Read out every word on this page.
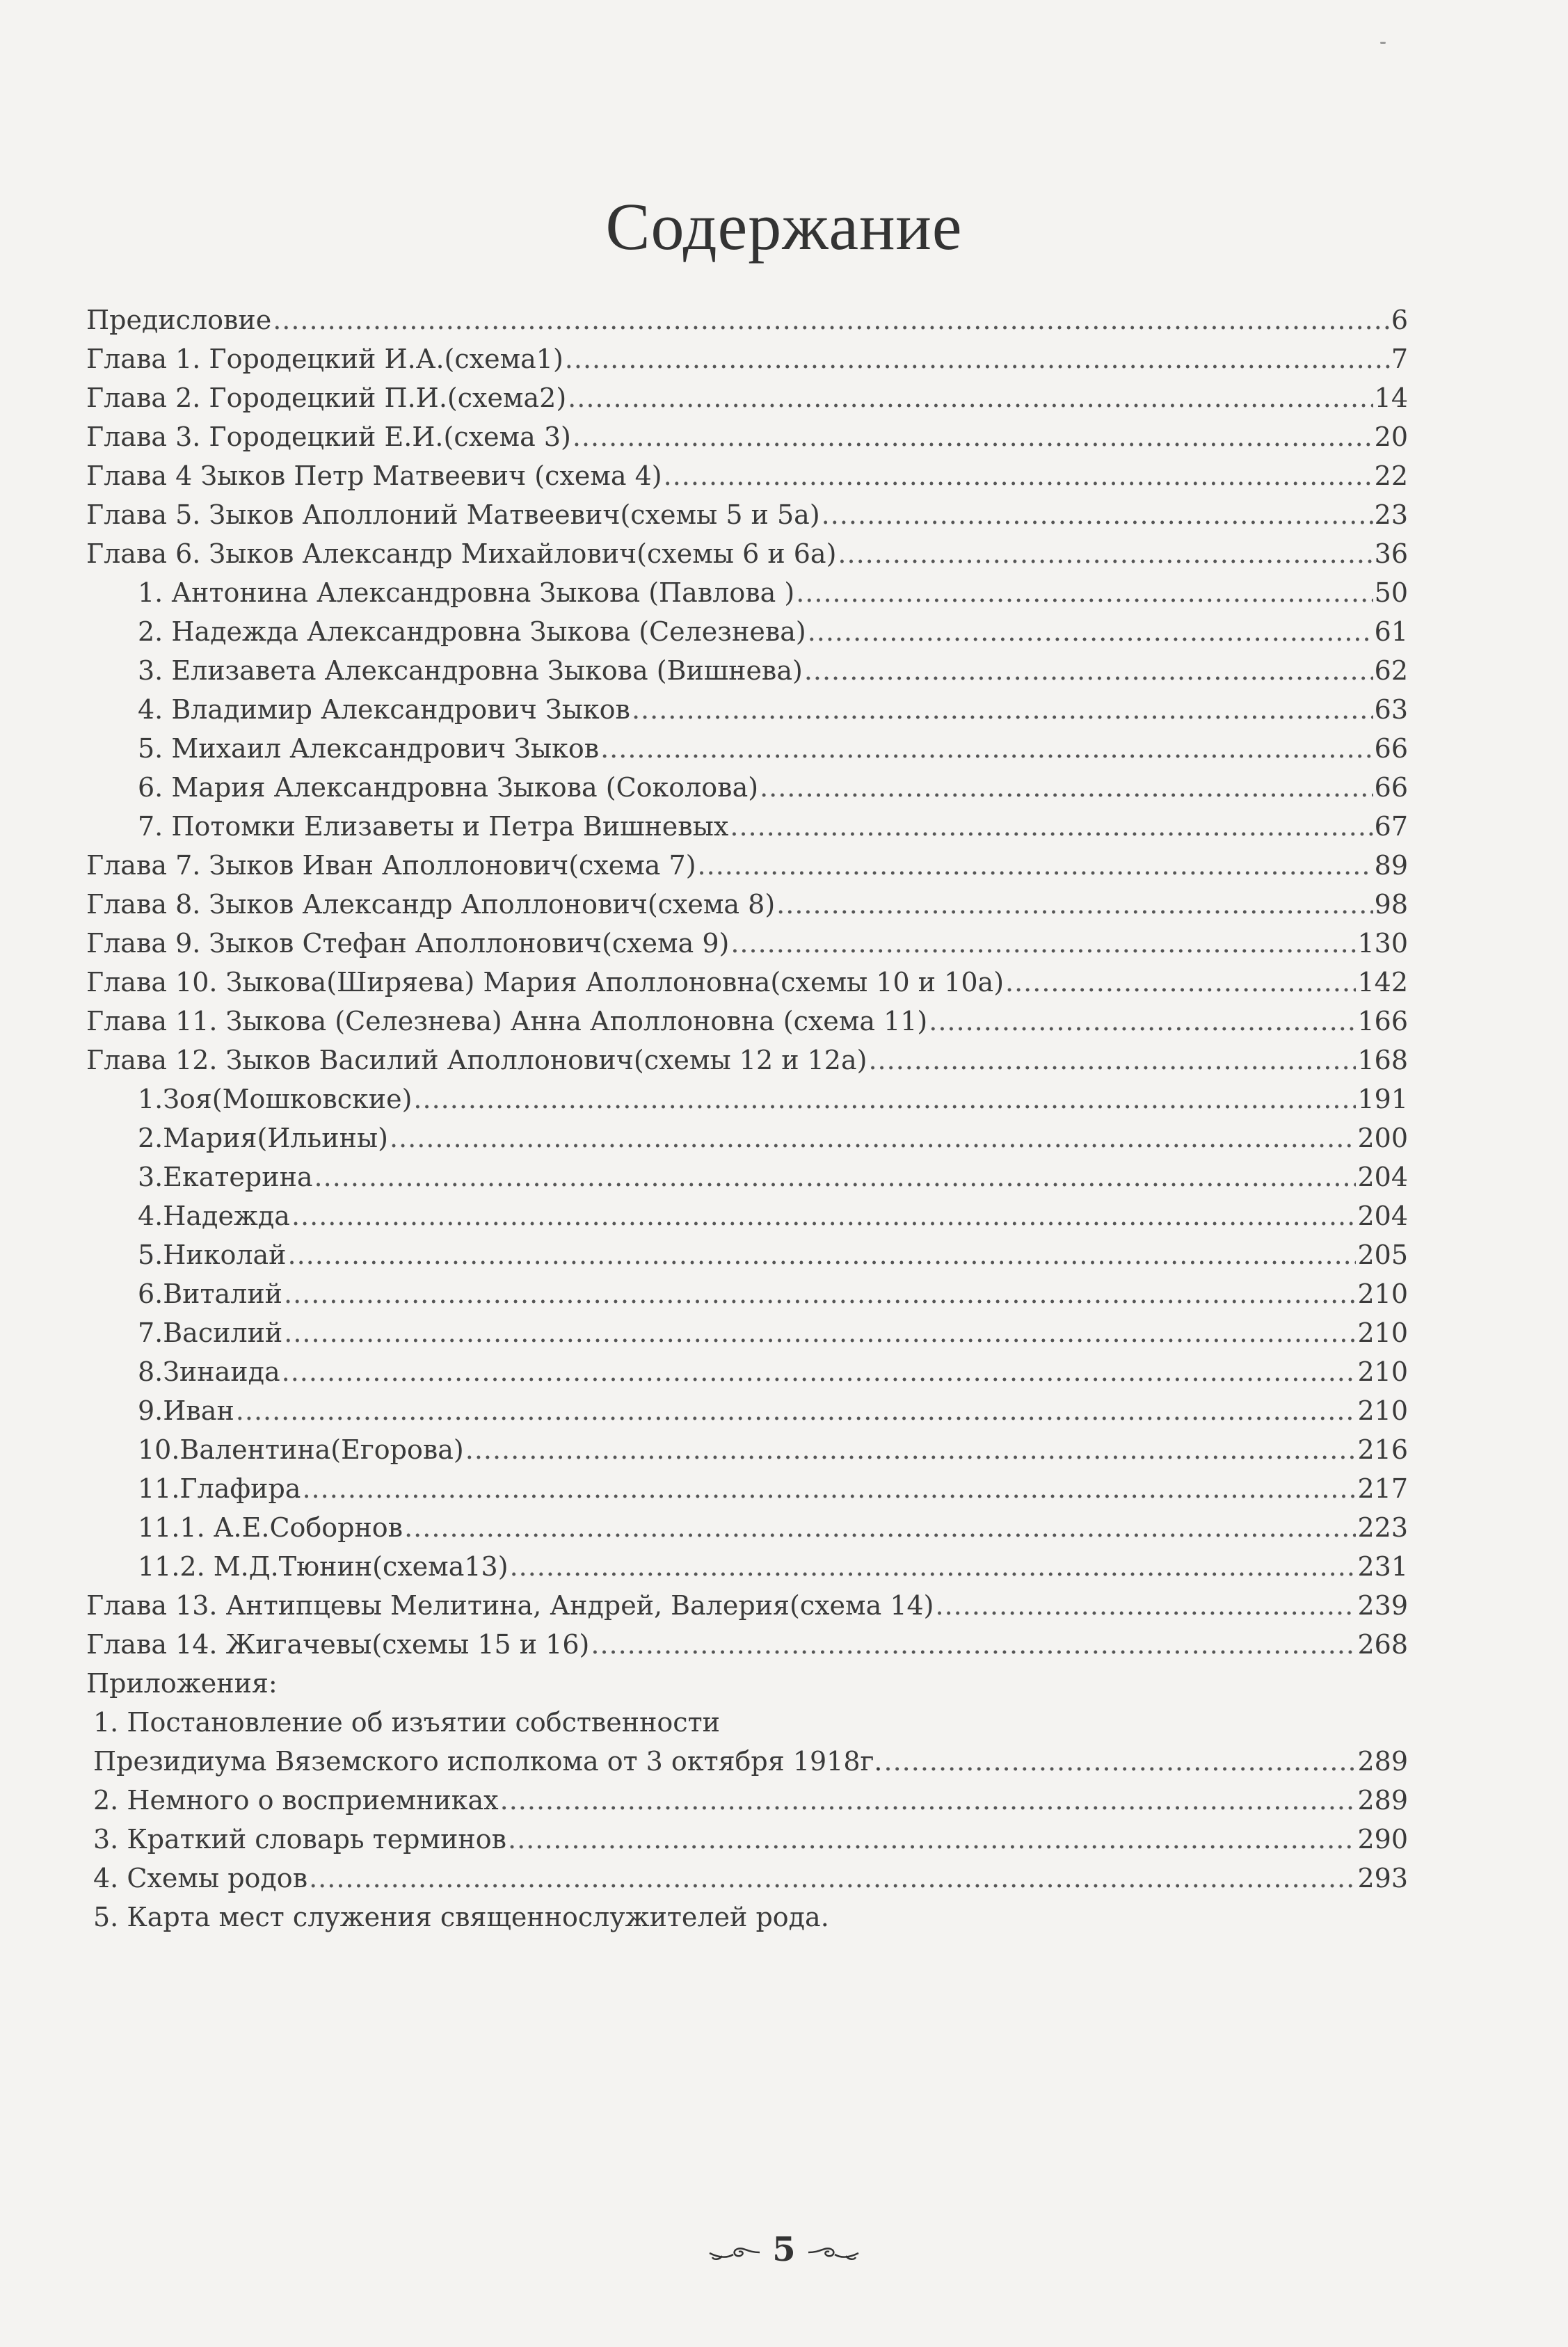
Содержание
Предисловие .....	6
Глава 1. Городецкий И.А.(схема1) .....	7
Глава 2. Городецкий П.И.(схема2) .....	14
Глава 3. Городецкий Е.И.(схема 3) .....	20
Глава 4 Зыков Петр Матвеевич (схема 4) .....	22
Глава 5. Зыков Аполлоний Матвеевич(схемы 5 и 5а) .....	23
Глава 6. Зыков Александр Михайлович(схемы 6 и 6а) .....	36
1. Антонина Александровна Зыкова (Павлова ) .....	50
2. Надежда Александровна Зыкова (Селезнева) .....	61
3. Елизавета Александровна Зыкова (Вишнева) .....	62
4. Владимир Александрович Зыков .....	63
5. Михаил Александрович Зыков .....	66
6. Мария Александровна Зыкова (Соколова) .....	66
7. Потомки Елизаветы и Петра Вишневых .....	67
Глава 7. Зыков Иван Аполлонович(схема 7) .....	89
Глава 8. Зыков Александр Аполлонович(схема 8) .....	98
Глава 9. Зыков Стефан Аполлонович(схема 9) .....	130
Глава 10. Зыкова(Ширяева) Мария Аполлоновна(схемы 10 и 10а) .....	142
Глава 11. Зыкова (Селезнева) Анна Аполлоновна (схема 11) .....	166
Глава 12. Зыков Василий Аполлонович(схемы 12 и 12а) .....	168
1.Зоя(Мошковские) .....	191
2.Мария(Ильины) .....	200
3.Екатерина .....	204
4.Надежда .....	204
5.Николай .....	205
6.Виталий .....	210
7.Василий .....	210
8.Зинаида .....	210
9.Иван .....	210
10.Валентина(Егорова) .....	216
11.Глафира .....	217
11.1. А.Е.Соборнов .....	223
11.2. М.Д.Тюнин(схема13) .....	231
Глава 13. Антипцевы Мелитина, Андрей, Валерия(схема 14) .....	239
Глава 14. Жигачевы(схемы 15 и 16) .....	268
Приложения:
1. Постановление об изъятии собственности
Президиума Вяземского исполкома от 3 октября 1918г. .....	289
2. Немного о восприемниках .....	289
3. Краткий словарь терминов .....	290
4. Схемы родов .....	293
5. Карта мест служения священнослужителей рода.
5
